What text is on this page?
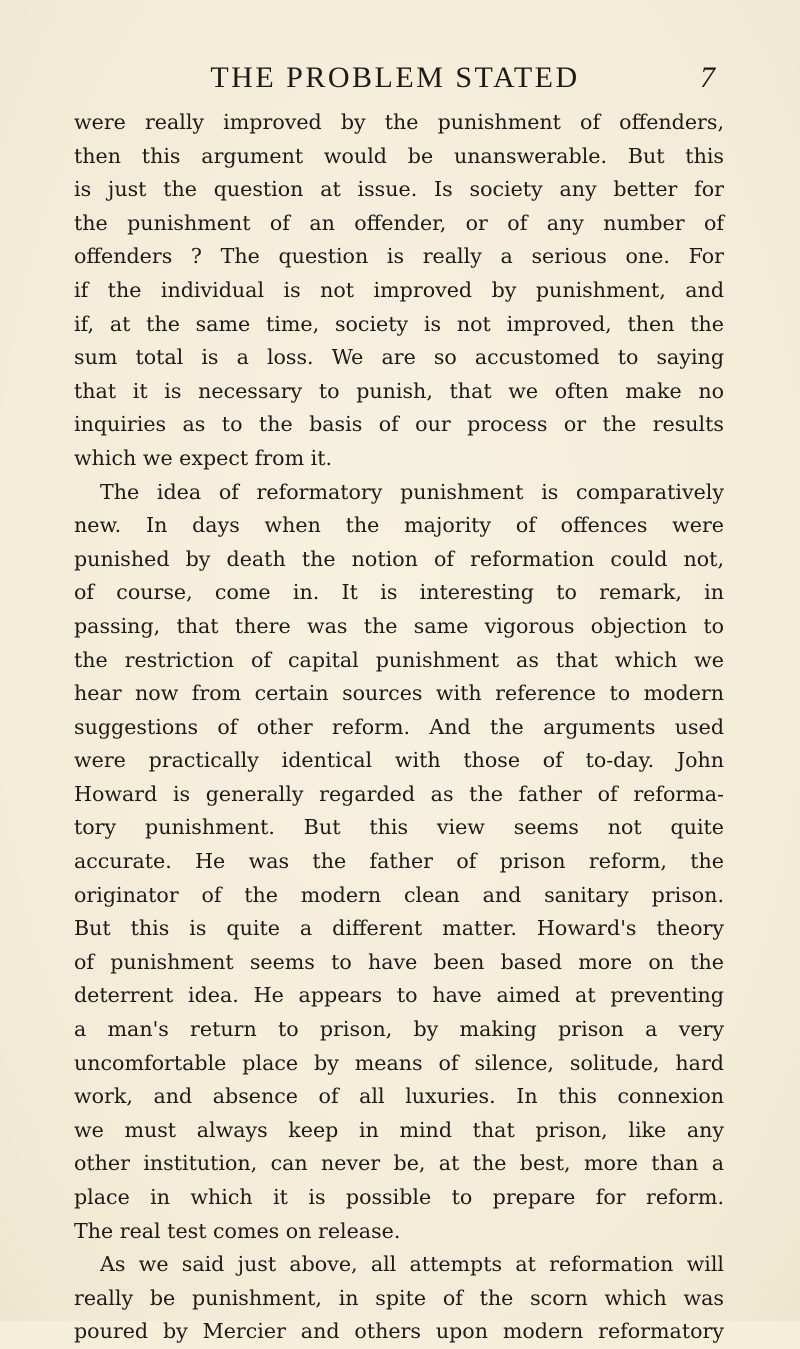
THE PROBLEM STATED	7
were really improved by the punishment of offenders,
then this argument would be unanswerable. But this
is just the question at issue. Is society any better for
the punishment of an offender, or of any number of
offenders ? The question is really a serious one. For
if the individual is not improved by punishment, and
if, at the same time, society is not improved, then the
sum total is a loss. We are so accustomed to saying
that it is necessary to punish, that we often make no
inquiries as to the basis of our process or the results
which we expect from it.
The idea of reformatory punishment is comparatively
new. In days when the majority of offences were
punished by death the notion of reformation could not,
of course, come in. It is interesting to remark, in
passing, that there was the same vigorous objection to
the restriction of capital punishment as that which we
hear now from certain sources with reference to modern
suggestions of other reform. And the arguments used
were practically identical with those of to-day. John
Howard is generally regarded as the father of reforma-
tory punishment. But this view seems not quite
accurate. He was the father of prison reform, the
originator of the modern clean and sanitary prison.
But this is quite a different matter. Howard's theory
of punishment seems to have been based more on the
deterrent idea. He appears to have aimed at preventing
a man's return to prison, by making prison a very
uncomfortable place by means of silence, solitude, hard
work, and absence of all luxuries. In this connexion
we must always keep in mind that prison, like any
other institution, can never be, at the best, more than a
place in which it is possible to prepare for reform.
The real test comes on release.
As we said just above, all attempts at reformation will
really be punishment, in spite of the scorn which was
poured by Mercier and others upon modern reformatory
